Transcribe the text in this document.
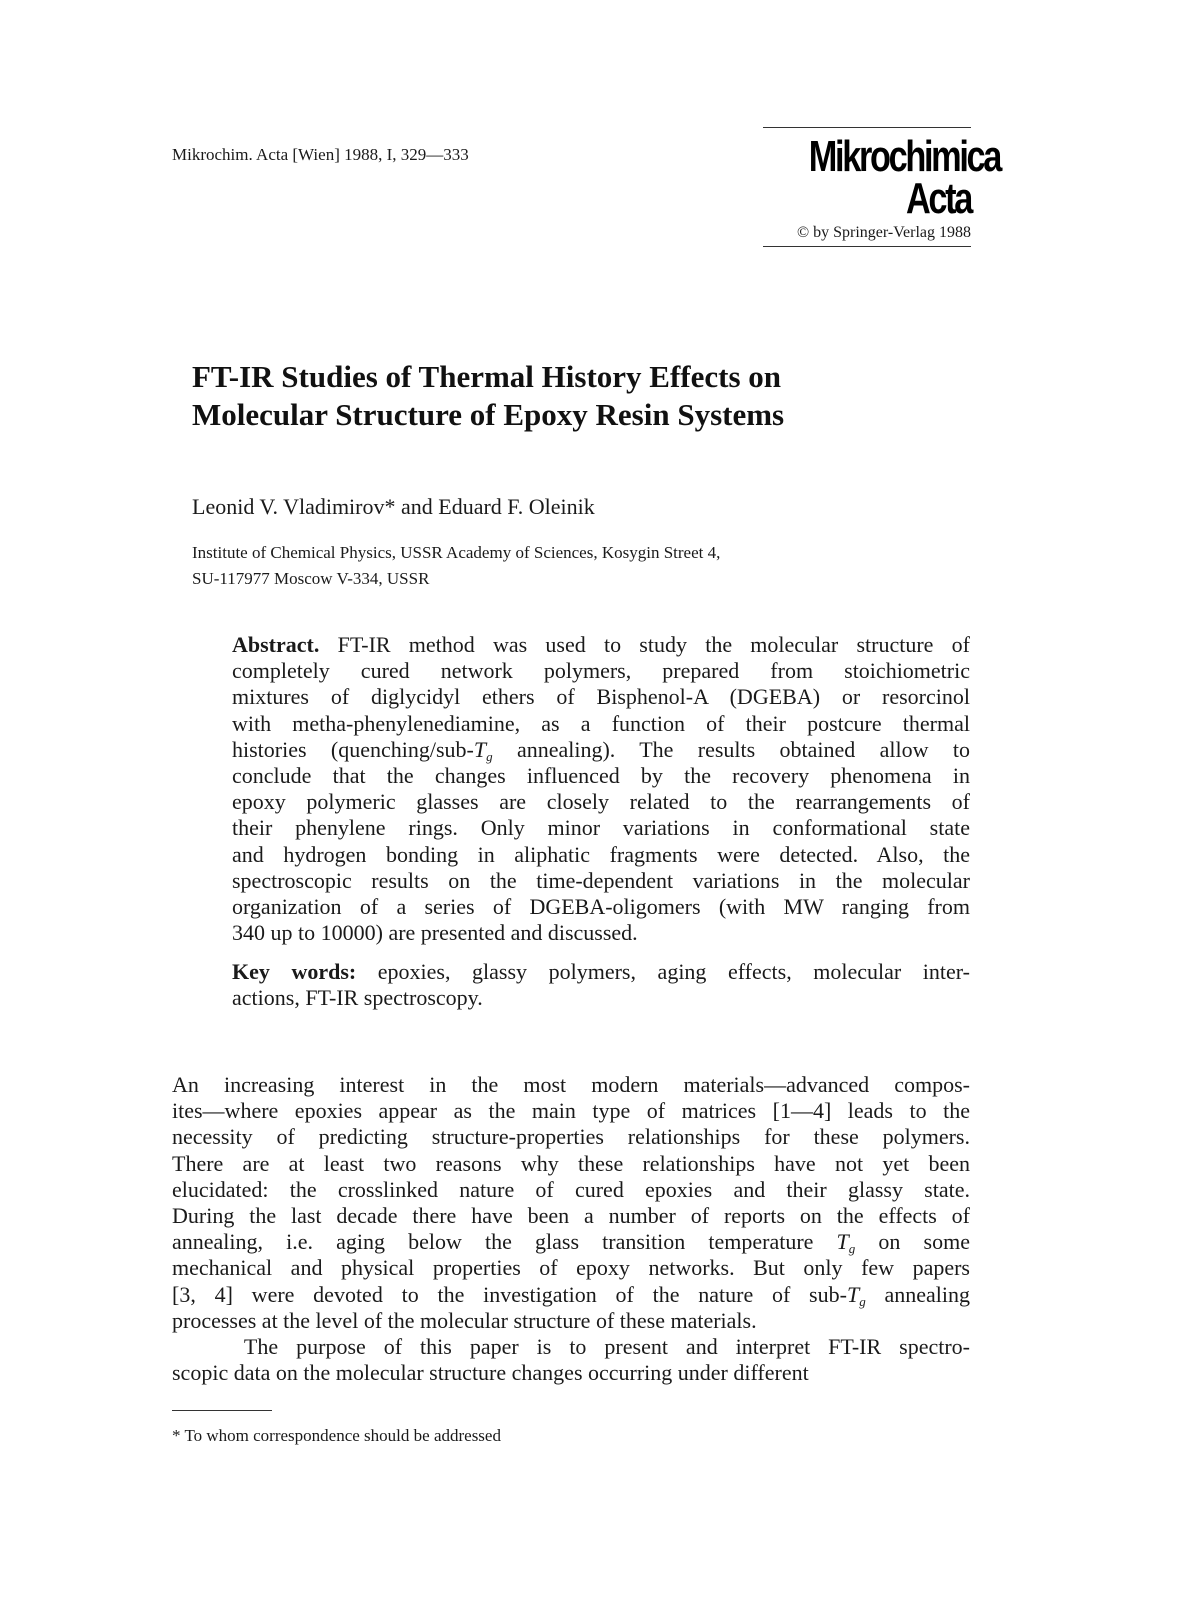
Mikrochim. Acta [Wien] 1988, I, 329—333	Mikrochimica
Acta
© by Springer-Verlag 1988
FT-IR Studies of Thermal History Effects on
Molecular Structure of Epoxy Resin Systems
Leonid V. Vladimirov* and Eduard F. Oleinik
Institute of Chemical Physics, USSR Academy of Sciences, Kosygin Street 4,
SU-117977 Moscow V-334, USSR
Abstract. FT-IR method was used to study the molecular structure of
completely cured network polymers, prepared from stoichiometric
mixtures of diglycidyl ethers of Bisphenol-A (DGEBA) or resorcinol
with metha-phenylenediamine, as a function of their postcure thermal
histories ($quenching/sub-T_g$ annealing). The results obtained allow to
conclude that the changes influenced by the recovery phenomena in
epoxy polymeric glasses are closely related to the rearrangements of
their phenylene rings. Only minor variations in conformational state
and hydrogen bonding in aliphatic fragments were detected. Also, the
spectroscopic results on the time-dependent variations in the molecular
organization of a series of DGEBA-oligomers (with MW ranging from
340 up to 10000) are presented and discussed.
Key words: epoxies, glassy polymers, aging effects, molecular inter-
actions, FT-IR spectroscopy.
An increasing interest in the most modern materials—advanced compos-
ites—where epoxies appear as the main type of matrices [1—4] leads to the
necessity of predicting structure-properties relationships for these polymers.
There are at least two reasons why these relationships have not yet been
elucidated: the crosslinked nature of cured epoxies and their glassy state.
During the last decade there have been a number of reports on the effects of
annealing, i.e. aging below the glass transition temperature $T_g$ on some
mechanical and physical properties of epoxy networks. But only few papers
[3, 4] were devoted to the investigation of the nature of sub-$T_g$ annealing
processes at the level of the molecular structure of these materials.
The purpose of this paper is to present and interpret FT-IR spectro-
scopic data on the molecular structure changes occurring under different
* To whom correspondence should be addressed
